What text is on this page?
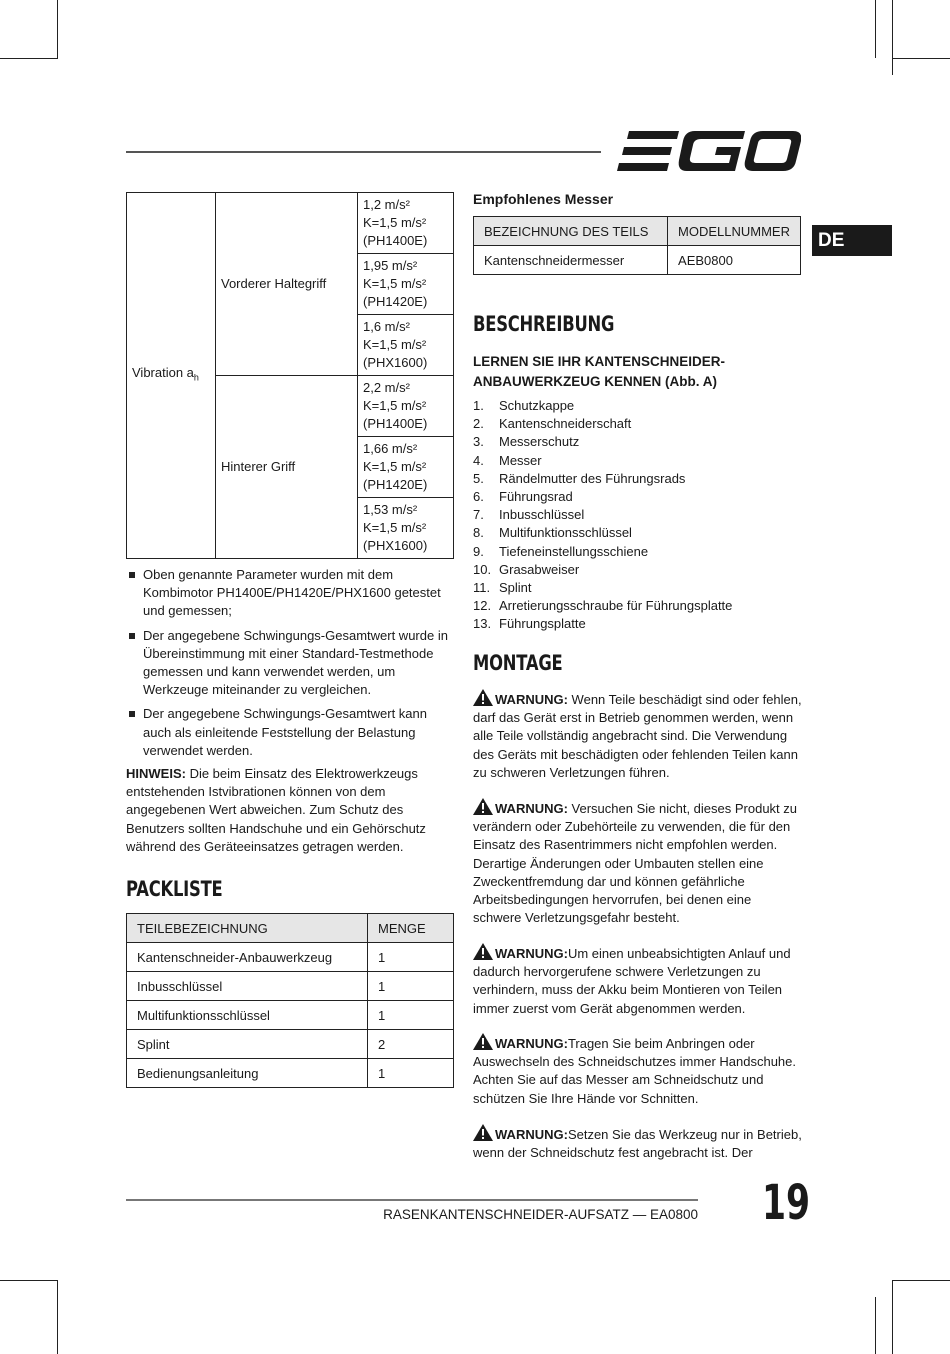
DE
Vibration $a_h$	Vorderer Haltegriff	1,2 m/s²
K=1,5 m/s²
(PH1400E)
		1,95 m/s²
K=1,5 m/s²
(PH1420E)
		1,6 m/s²
K=1,5 m/s²
(PHX1600)
	Hinterer Griff	2,2 m/s²
K=1,5 m/s²
(PH1400E)
		1,66 m/s²
K=1,5 m/s²
(PH1420E)
		1,53 m/s²
K=1,5 m/s²
(PHX1600)
Oben genannte Parameter wurden mit dem Kombimotor PH1400E/PH1420E/PHX1600 getestet und gemessen;
Der angegebene Schwingungs-Gesamtwert wurde in Übereinstimmung mit einer Standard-Testmethode gemessen und kann verwendet werden, um Werkzeuge miteinander zu vergleichen.
Der angegebene Schwingungs-Gesamtwert kann auch als einleitende Feststellung der Belastung verwendet werden.
HINWEIS: Die beim Einsatz des Elektrowerkzeugs entstehenden Istvibrationen können von dem angegebenen Wert abweichen. Zum Schutz des Benutzers sollten Handschuhe und ein Gehörschutz während des Geräteeinsatzes getragen werden.
PACKLISTE
TEILEBEZEICHNUNG	MENGE
Kantenschneider-Anbauwerkzeug	1
Inbusschlüssel	1
Multifunktionsschlüssel	1
Splint	2
Bedienungsanleitung	1
Empfohlenes Messer
BEZEICHNUNG DES TEILS	MODELLNUMMER
Kantenschneidermesser	AEB0800
BESCHREIBUNG
LERNEN SIE IHR KANTENSCHNEIDER-
ANBAUWERKZEUG KENNEN (Abb. A)
1. Schutzkappe
2. Kantenschneiderschaft
3. Messerschutz
4. Messer
5. Rändelmutter des Führungsrads
6. Führungsrad
7. Inbusschlüssel
8. Multifunktionsschlüssel
9. Tiefeneinstellungsschiene
10. Grasabweiser
11. Splint
12. Arretierungsschraube für Führungsplatte
13. Führungsplatte
MONTAGE
WARNUNG: Wenn Teile beschädigt sind oder fehlen, darf das Gerät erst in Betrieb genommen werden, wenn alle Teile vollständig angebracht sind. Die Verwendung des Geräts mit beschädigten oder fehlenden Teilen kann zu schweren Verletzungen führen.
WARNUNG: Versuchen Sie nicht, dieses Produkt zu verändern oder Zubehörteile zu verwenden, die für den Einsatz des Rasentrimmers nicht empfohlen werden. Derartige Änderungen oder Umbauten stellen eine Zweckentfremdung dar und können gefährliche Arbeitsbedingungen hervorrufen, bei denen eine schwere Verletzungsgefahr besteht.
WARNUNG:Um einen unbeabsichtigten Anlauf und dadurch hervorgerufene schwere Verletzungen zu verhindern, muss der Akku beim Montieren von Teilen immer zuerst vom Gerät abgenommen werden.
WARNUNG:Tragen Sie beim Anbringen oder Auswechseln des Schneidschutzes immer Handschuhe. Achten Sie auf das Messer am Schneidschutz und schützen Sie Ihre Hände vor Schnitten.
WARNUNG:Setzen Sie das Werkzeug nur in Betrieb, wenn der Schneidschutz fest angebracht ist. Der
RASENKANTENSCHNEIDER-AUFSATZ — EA0800 19
